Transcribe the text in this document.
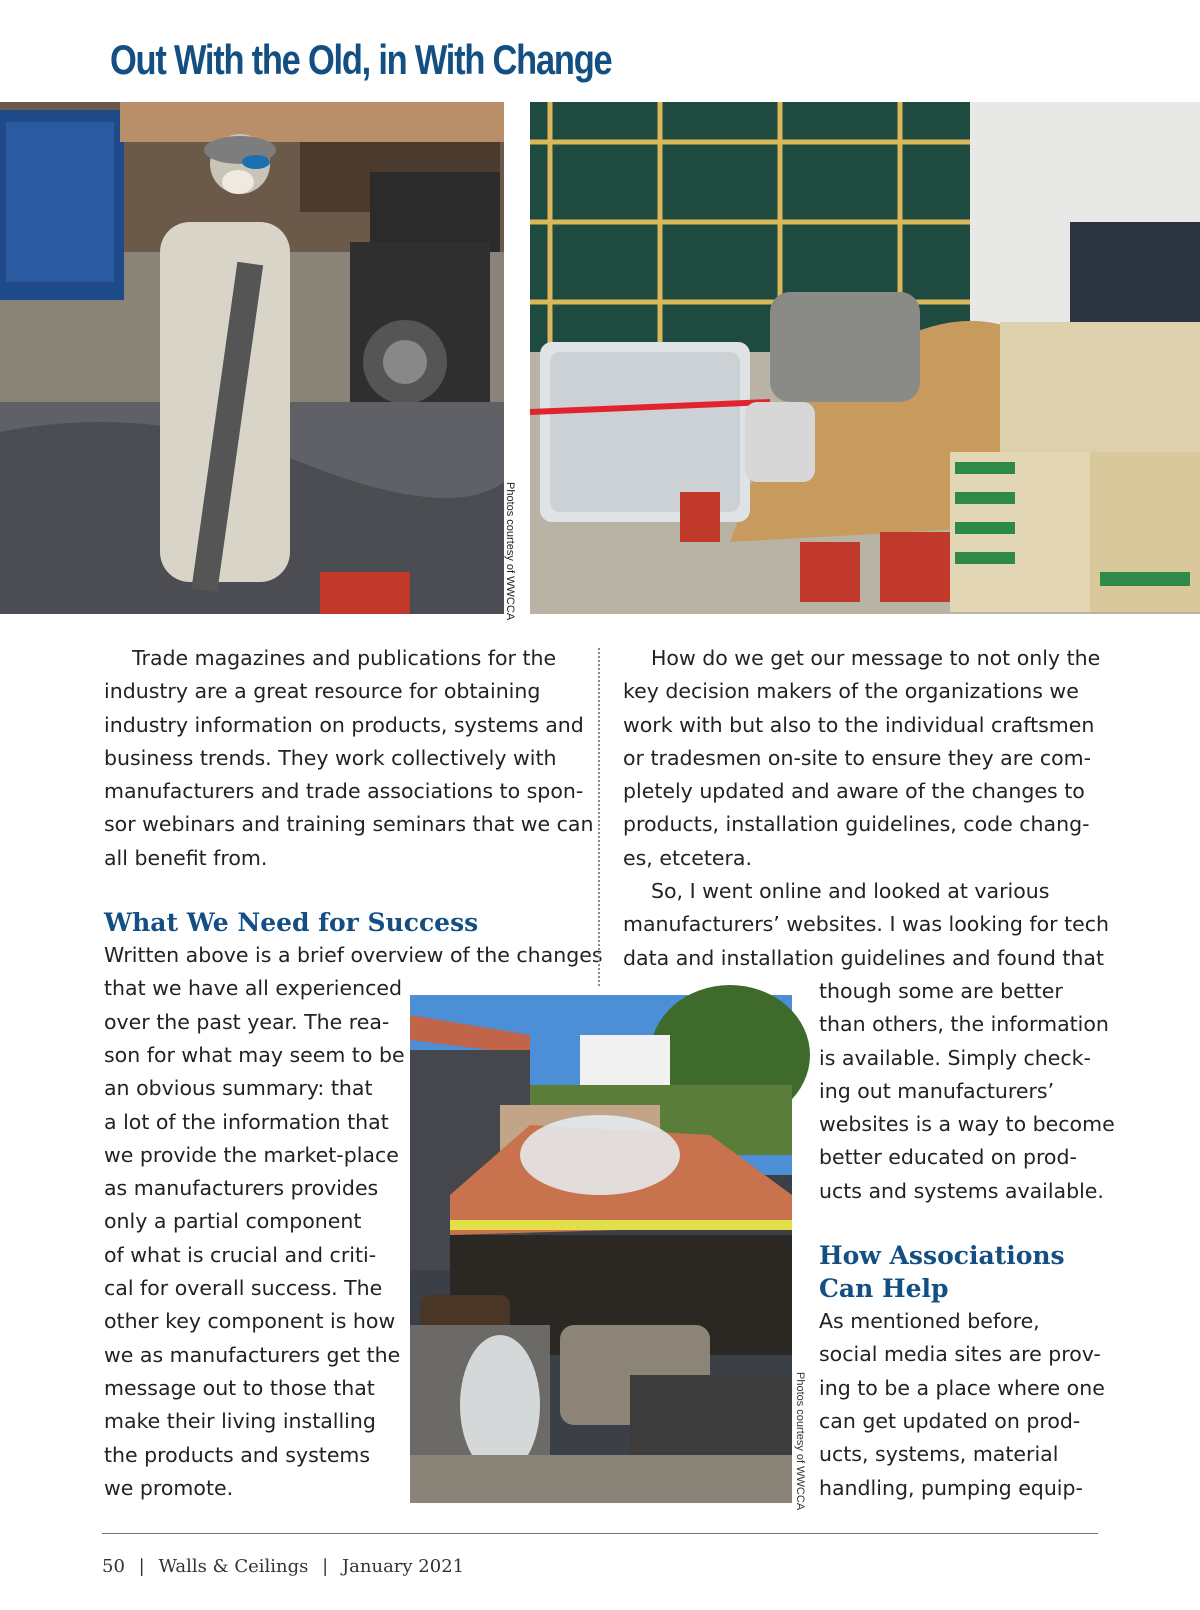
Out With the Old, in With Change
Photos courtesy of WWCCA

Trade magazines and publications for the
industry are a great resource for obtaining
industry information on products, systems and
business trends. They work collectively with
manufacturers and trade associations to spon-
sor webinars and training seminars that we can
all benefit from.

What We Need for Success

Written above is a brief overview of the changes
that we have all experienced
over the past year. The rea-
son for what may seem to be
an obvious summary: that
a lot of the information that
we provide the market-place
as manufacturers provides
only a partial component
of what is crucial and criti-
cal for overall success. The
other key component is how
we as manufacturers get the
message out to those that
make their living installing
the products and systems
we promote.

How do we get our message to not only the
key decision makers of the organizations we
work with but also to the individual craftsmen
or tradesmen on-site to ensure they are com-
pletely updated and aware of the changes to
products, installation guidelines, code chang-
es, etcetera.

So, I went online and looked at various
manufacturers’ websites. I was looking for tech
data and installation guidelines and found that

though some are better
than others, the information
is available. Simply check-
ing out manufacturers’
websites is a way to become
better educated on prod-
ucts and systems available.

How Associations
Can Help

As mentioned before,
social media sites are prov-
ing to be a place where one
can get updated on prod-
ucts, systems, material
handling, pumping equip-

Photos courtesy of WWCCA
50 | Walls & Ceilings | January 2021
